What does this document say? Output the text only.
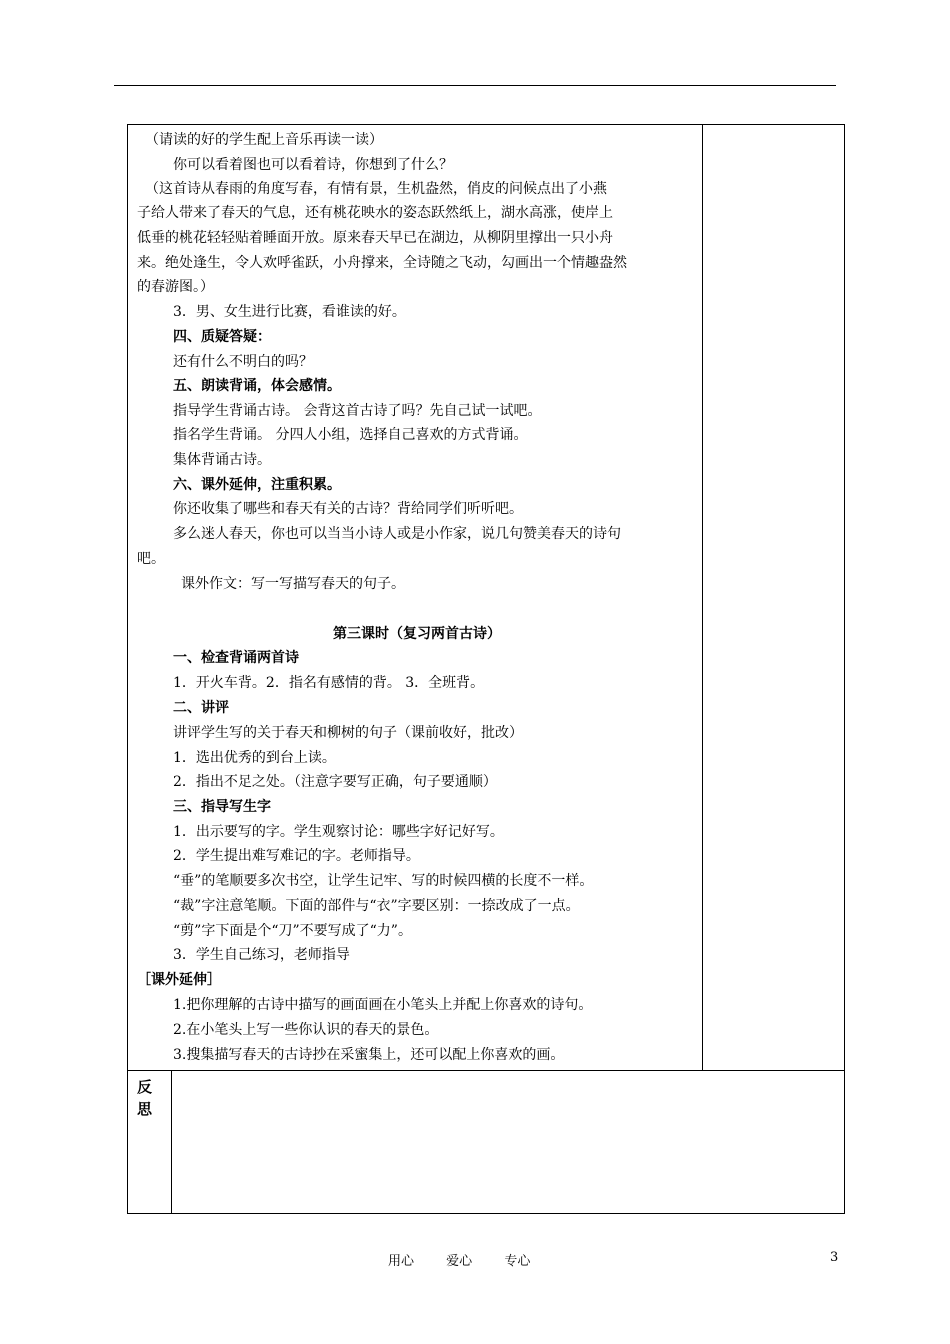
（请读的好的学生配上音乐再读一读）
你可以看着图也可以看着诗，你想到了什么？
（这首诗从春雨的角度写春，有情有景，生机盎然，俏皮的问候点出了小燕
子给人带来了春天的气息，还有桃花映水的姿态跃然纸上，湖水高涨，使岸上
低垂的桃花轻轻贴着睡面开放。原来春天早已在湖边，从柳阴里撑出一只小舟
来。绝处逢生，令人欢呼雀跃，小舟撑来，全诗随之飞动，勾画出一个情趣盎然
的春游图。）
3．男、女生进行比赛，看谁读的好。
四、质疑答疑：
还有什么不明白的吗？
五、朗读背诵，体会感情。
指导学生背诵古诗。 会背这首古诗了吗？先自己试一试吧。
指名学生背诵。 分四人小组，选择自己喜欢的方式背诵。
集体背诵古诗。
六、课外延伸，注重积累。
你还收集了哪些和春天有关的古诗？背给同学们听听吧。
多么迷人春天，你也可以当当小诗人或是小作家，说几句赞美春天的诗句
吧。
课外作文：写一写描写春天的句子。
第三课时（复习两首古诗）
一、检查背诵两首诗
1．开火车背。2．指名有感情的背。 3．全班背。
二、讲评
讲评学生写的关于春天和柳树的句子（课前收好，批改）
1．选出优秀的到台上读。
2．指出不足之处。（注意字要写正确，句子要通顺）
三、指导写生字
1．出示要写的字。学生观察讨论：哪些字好记好写。
2．学生提出难写难记的字。老师指导。
“垂”的笔顺要多次书空，让学生记牢、写的时候四横的长度不一样。
“裁”字注意笔顺。下面的部件与“衣”字要区别：一捺改成了一点。
“剪”字下面是个“刀”不要写成了“力”。
3．学生自己练习，老师指导
［课外延伸］
1.把你理解的古诗中描写的画面画在小笔头上并配上你喜欢的诗句。
2.在小笔头上写一些你认识的春天的景色。
3.搜集描写春天的古诗抄在采蜜集上，还可以配上你喜欢的画。
反思
用心 爱心 专心	3
